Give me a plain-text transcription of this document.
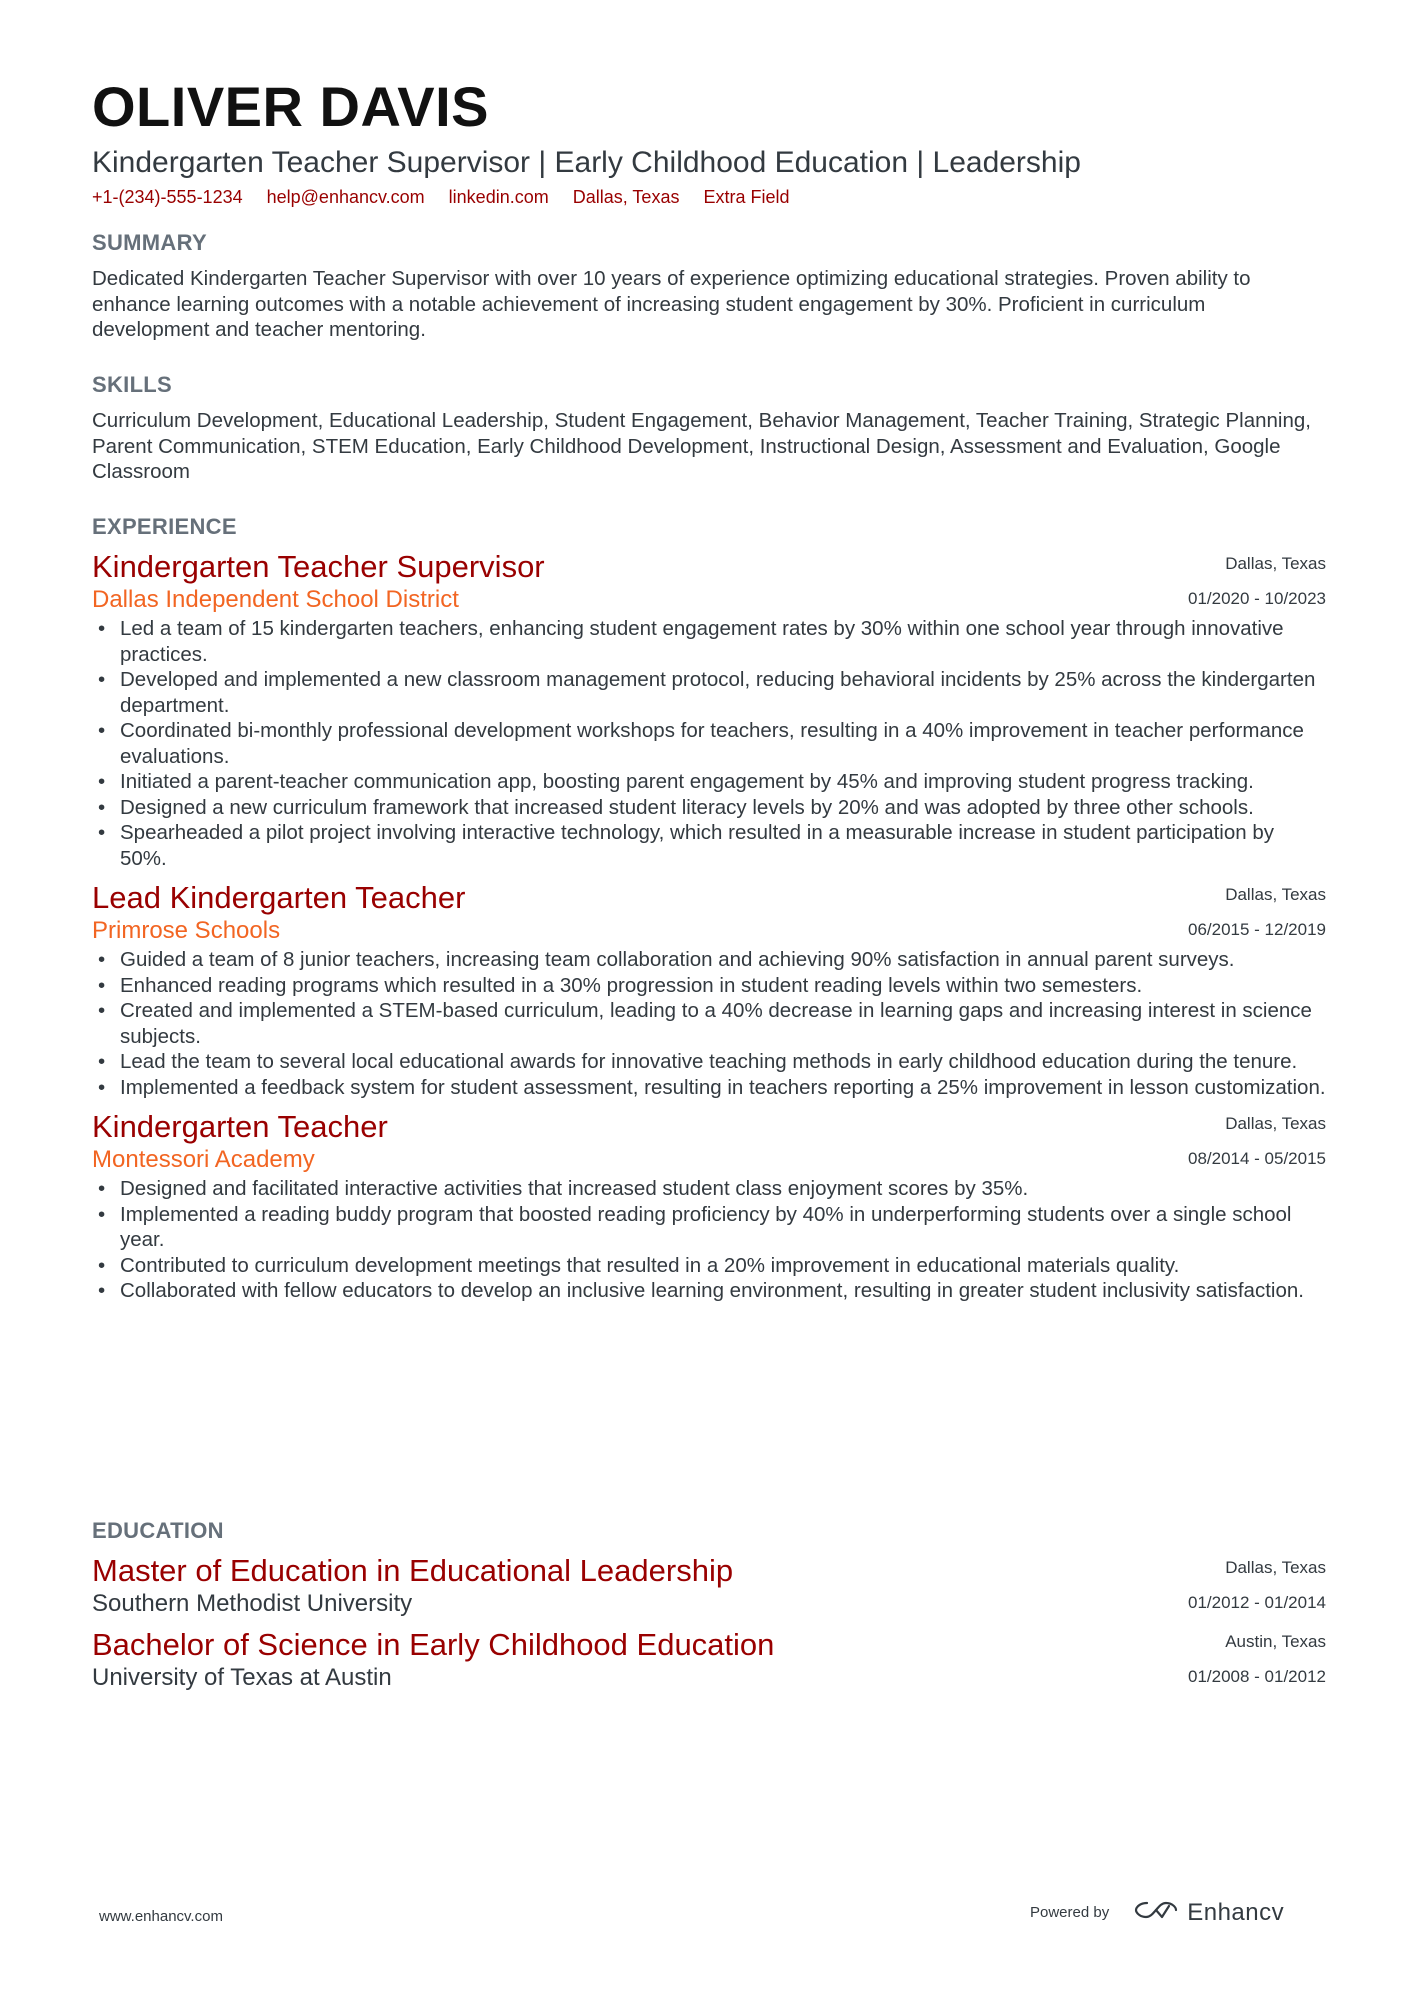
OLIVER DAVIS
Kindergarten Teacher Supervisor | Early Childhood Education | Leadership
+1-(234)-555-1234 help@enhancv.com linkedin.com Dallas, Texas Extra Field
SUMMARY
Dedicated Kindergarten Teacher Supervisor with over 10 years of experience optimizing educational strategies. Proven ability to enhance learning outcomes with a notable achievement of increasing student engagement by 30%. Proficient in curriculum development and teacher mentoring.
SKILLS
Curriculum Development, Educational Leadership, Student Engagement, Behavior Management, Teacher Training, Strategic Planning, Parent Communication, STEM Education, Early Childhood Development, Instructional Design, Assessment and Evaluation, Google Classroom
EXPERIENCE
Kindergarten Teacher Supervisor
Dallas Independent School District
Dallas, Texas
01/2020 - 10/2023
• Led a team of 15 kindergarten teachers, enhancing student engagement rates by 30% within one school year through innovative practices.
• Developed and implemented a new classroom management protocol, reducing behavioral incidents by 25% across the kindergarten department.
• Coordinated bi-monthly professional development workshops for teachers, resulting in a 40% improvement in teacher performance evaluations.
• Initiated a parent-teacher communication app, boosting parent engagement by 45% and improving student progress tracking.
• Designed a new curriculum framework that increased student literacy levels by 20% and was adopted by three other schools.
• Spearheaded a pilot project involving interactive technology, which resulted in a measurable increase in student participation by 50%.
Lead Kindergarten Teacher
Primrose Schools
Dallas, Texas
06/2015 - 12/2019
• Guided a team of 8 junior teachers, increasing team collaboration and achieving 90% satisfaction in annual parent surveys.
• Enhanced reading programs which resulted in a 30% progression in student reading levels within two semesters.
• Created and implemented a STEM-based curriculum, leading to a 40% decrease in learning gaps and increasing interest in science subjects.
• Lead the team to several local educational awards for innovative teaching methods in early childhood education during the tenure.
• Implemented a feedback system for student assessment, resulting in teachers reporting a 25% improvement in lesson customization.
Kindergarten Teacher
Montessori Academy
Dallas, Texas
08/2014 - 05/2015
• Designed and facilitated interactive activities that increased student class enjoyment scores by 35%.
• Implemented a reading buddy program that boosted reading proficiency by 40% in underperforming students over a single school year.
• Contributed to curriculum development meetings that resulted in a 20% improvement in educational materials quality.
• Collaborated with fellow educators to develop an inclusive learning environment, resulting in greater student inclusivity satisfaction.
EDUCATION
Master of Education in Educational Leadership
Southern Methodist University
Dallas, Texas
01/2012 - 01/2014
Bachelor of Science in Early Childhood Education
University of Texas at Austin
Austin, Texas
01/2008 - 01/2012
www.enhancv.com	Powered by	Enhancv
